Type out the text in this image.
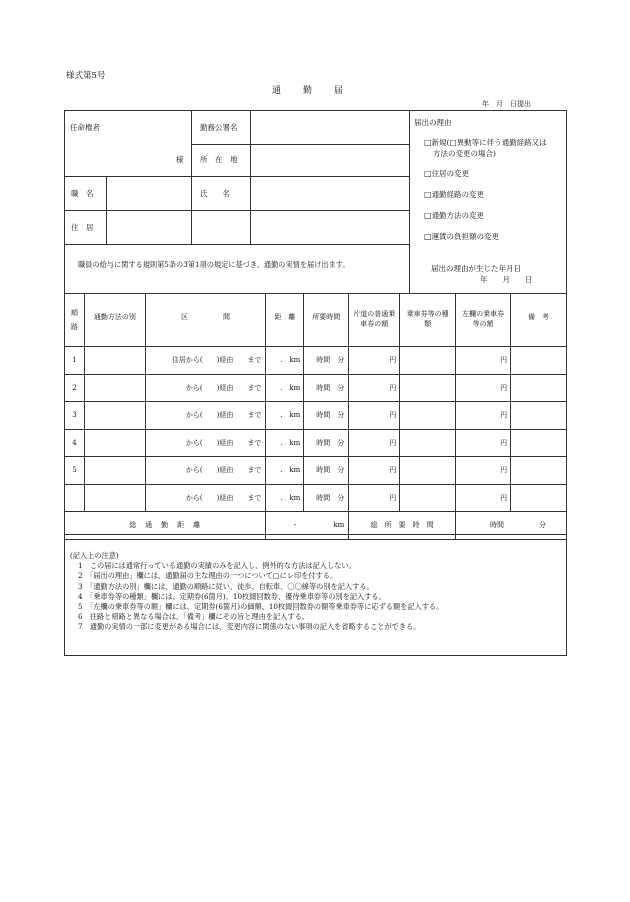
様式第5号
通勤届
年　月　日提出
任命権者
様
勤務公署名
所　在　地
職　名	氏　　名
住　居
職員の給与に関する規則第5条の3第1項の規定に基づき、通勤の実情を届け出ます。
届出の理由
□ 新規(□異動等に伴う通勤経路又は
方法の変更の場合)
□ 住居の変更
□ 通勤経路の変更
□ 通勤方法の変更
□ 運賃の負担額の変更
届出の理由が生じた年月日
年　　月　　日
順路	通勤方法の別	区　　　　　間	距　離	所要時間	片道の普通乗車券の額	乗車券等の種類	左欄の乗車券等の額	備　考
1		住居から(　　)経由　　まで	.　km	時間　分	円		円	
2		から(　　)経由　　まで	.　km	時間　分	円		円	
3		から(　　)経由　　まで	.　km	時間　分	円		円	
4		から(　　)経由　　まで	.　km	時間　分	円		円	
5		から(　　)経由　　まで	.　km	時間　分	円		円	
		から(　　)経由　　まで	.　km	時間　分	円		円	
総　通　勤　距　離			・　　　　　km		総　所　要　時　間		時間　　　　　分	
(記入上の注意)
1　この届には通常行っている通勤の実績のみを記入し、例外的な方法は記入しない。
2　「届出の理由」欄には、通勤届の主な理由の一つについて□にレ印を付する。
3　「通勤方法の別」欄には、通勤の順路に従い、徒歩、自転車、〇〇線等の別を記入する。
4　「乗車券等の種類」欄には、定期券(6箇月)、10枚綴回数券、優待乗車券等の別を記入する。
5　「左欄の乗車券等の額」欄には、定期券(6箇月)の価額、10枚綴回数券の額等乗車券等に応ずる額を記入する。
6　往路と帰路と異なる場合は、「備考」欄にその旨と理由を記入する。
7　通勤の実情の一部に変更がある場合には、変更内容に関係のない事項の記入を省略することができる。
